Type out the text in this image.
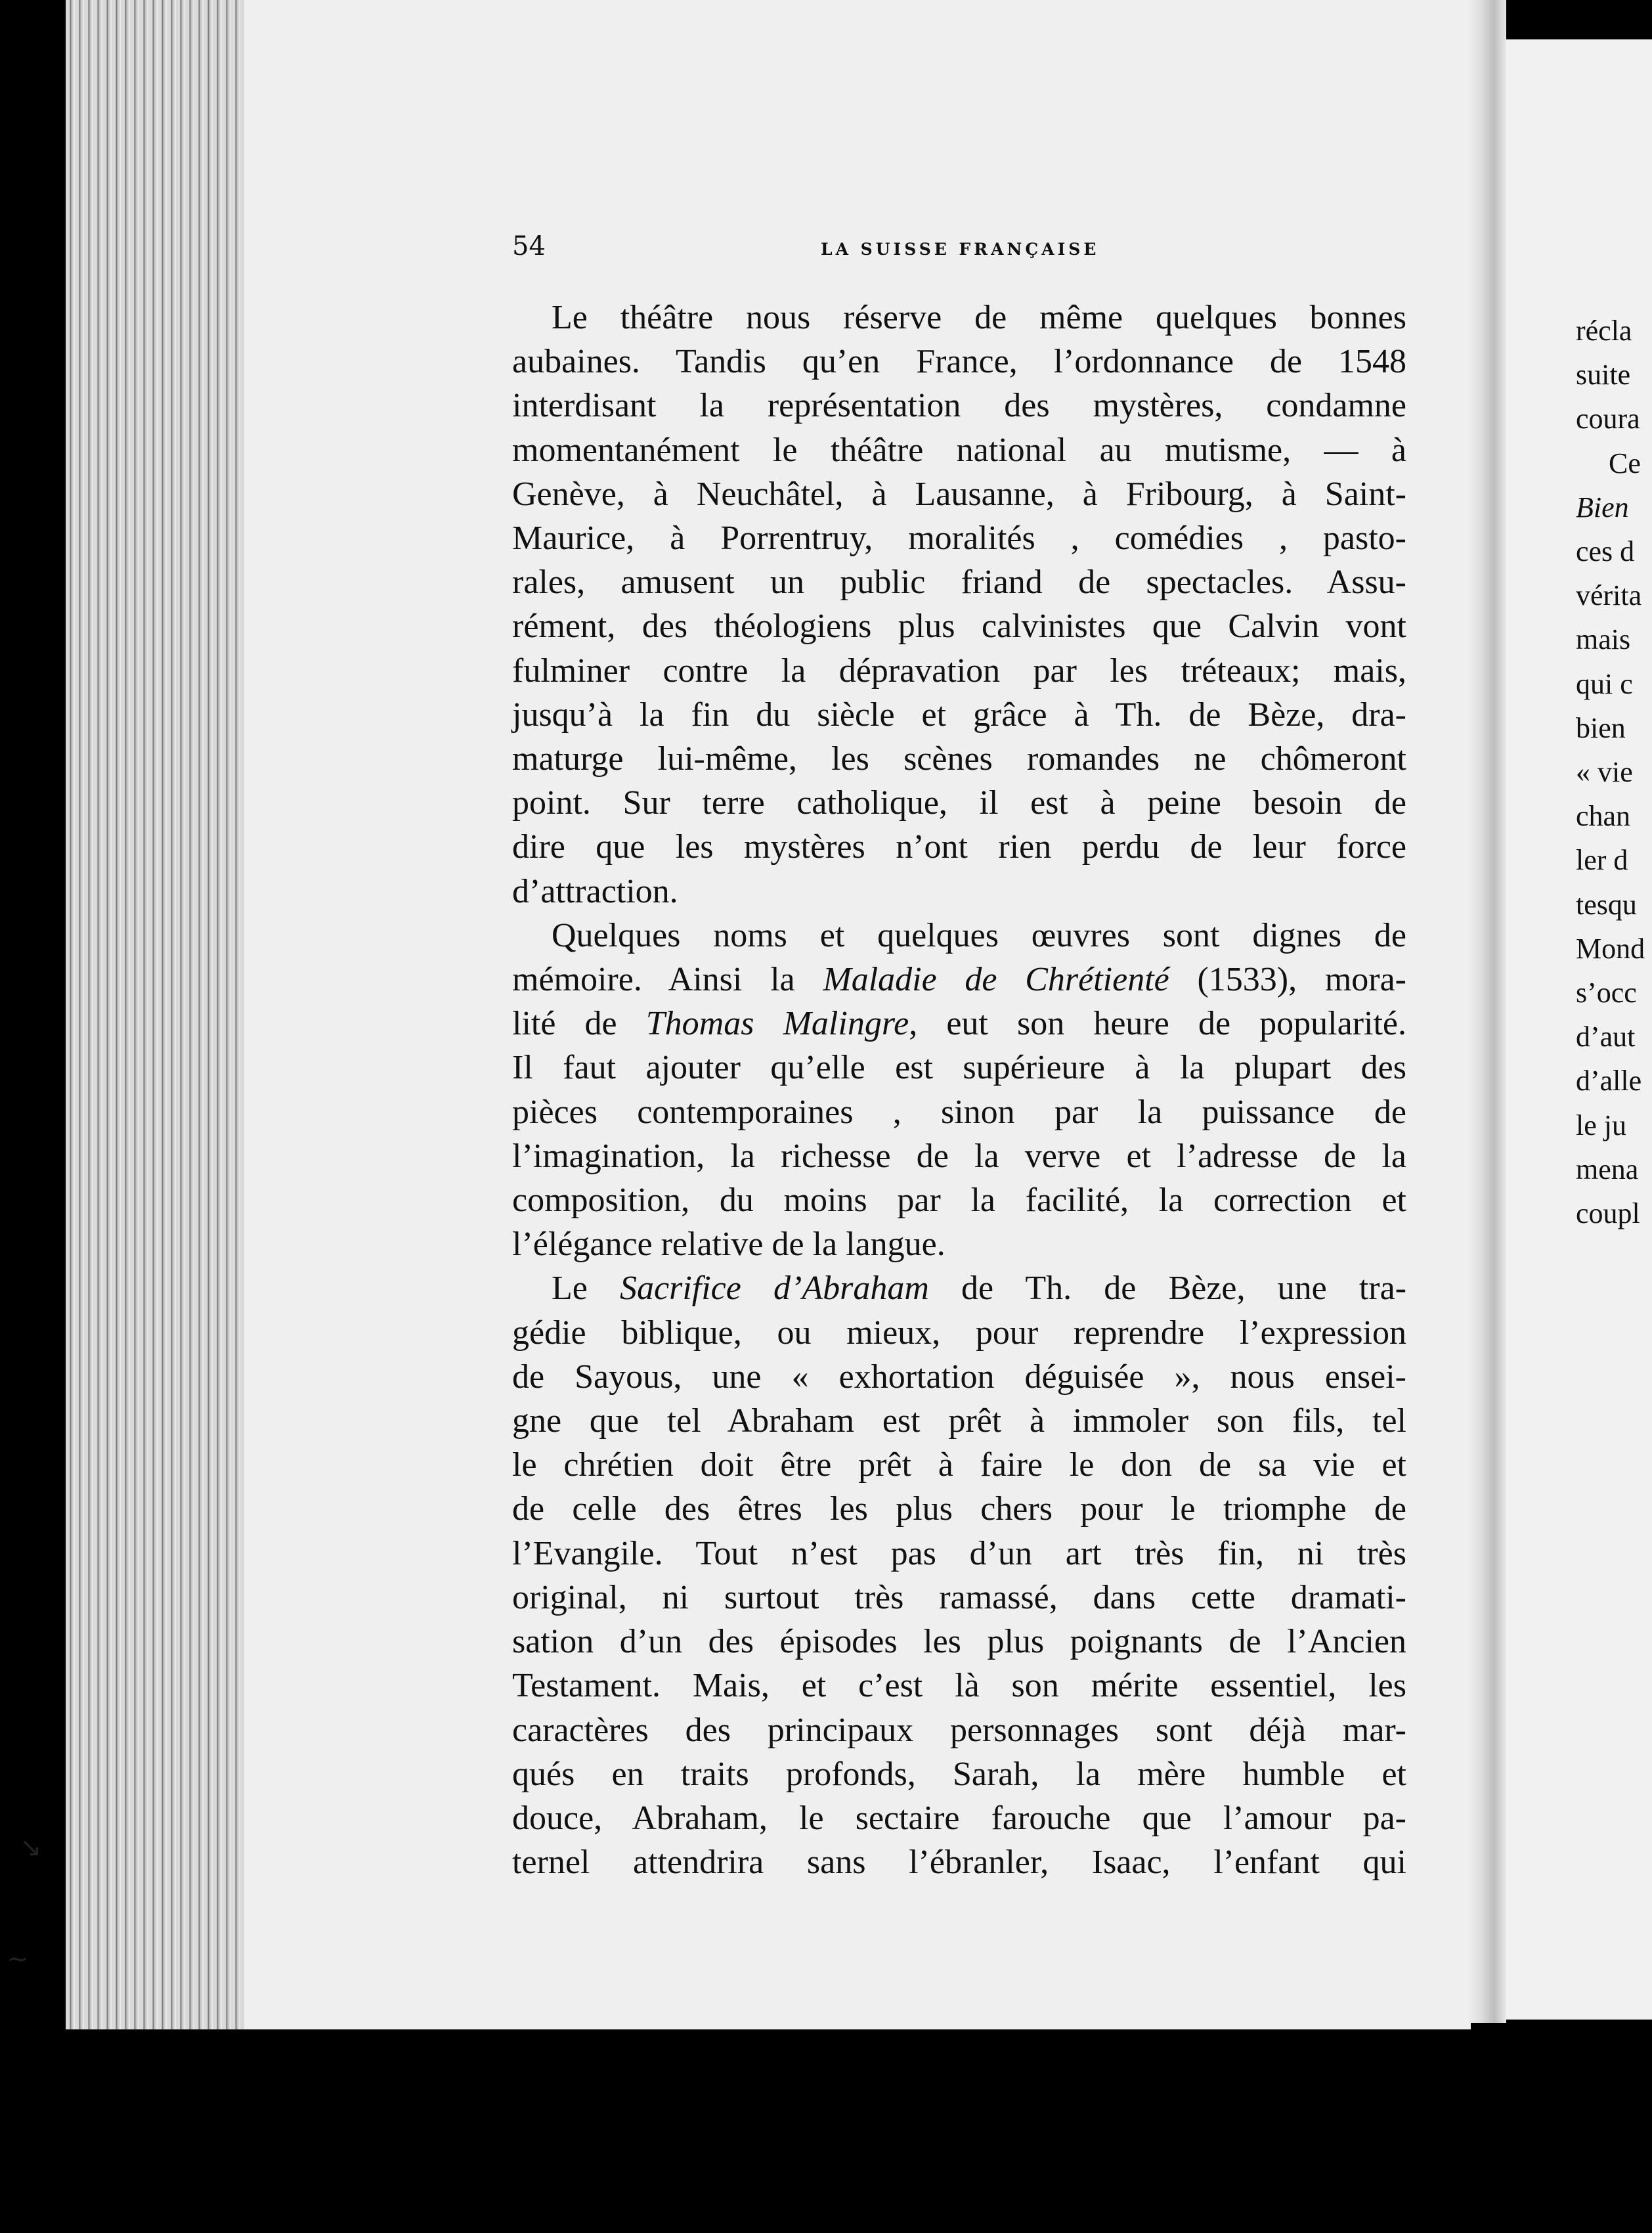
54	LA SUISSE FRANÇAISE
Le théâtre nous réserve de même quelques bonnes
aubaines. Tandis qu’en France, l’ordonnance de 1548
interdisant la représentation des mystères, condamne
momentanément le théâtre national au mutisme, — à
Genève, à Neuchâtel, à Lausanne, à Fribourg, à Saint-
Maurice, à Porrentruy, moralités , comédies , pasto-
rales, amusent un public friand de spectacles. Assu-
rément, des théologiens plus calvinistes que Calvin vont
fulminer contre la dépravation par les tréteaux; mais,
jusqu’à la fin du siècle et grâce à Th. de Bèze, dra-
maturge lui-même, les scènes romandes ne chômeront
point. Sur terre catholique, il est à peine besoin de
dire que les mystères n’ont rien perdu de leur force
d’attraction.
Quelques noms et quelques œuvres sont dignes de
mémoire. Ainsi la Maladie de Chrétienté (1533), mora-
lité de Thomas Malingre, eut son heure de popularité.
Il faut ajouter qu’elle est supérieure à la plupart des
pièces contemporaines , sinon par la puissance de
l’imagination, la richesse de la verve et l’adresse de la
composition, du moins par la facilité, la correction et
l’élégance relative de la langue.
Le Sacrifice d’Abraham de Th. de Bèze, une tra-
gédie biblique, ou mieux, pour reprendre l’expression
de Sayous, une « exhortation déguisée », nous ensei-
gne que tel Abraham est prêt à immoler son fils, tel
le chrétien doit être prêt à faire le don de sa vie et
de celle des êtres les plus chers pour le triomphe de
l’Evangile. Tout n’est pas d’un art très fin, ni très
original, ni surtout très ramassé, dans cette dramati-
sation d’un des épisodes les plus poignants de l’Ancien
Testament. Mais, et c’est là son mérite essentiel, les
caractères des principaux personnages sont déjà mar-
qués en traits profonds, Sarah, la mère humble et
douce, Abraham, le sectaire farouche que l’amour pa-
ternel attendrira sans l’ébranler, Isaac, l’enfant qui
récla
suite
coura
Ce
Bien
ces d
vérita
mais
qui c
bien
« vie
chan
ler d
tesqu
Mond
s’occ
d’aut
d’alle
le ju
mena
coupl
↘
~
